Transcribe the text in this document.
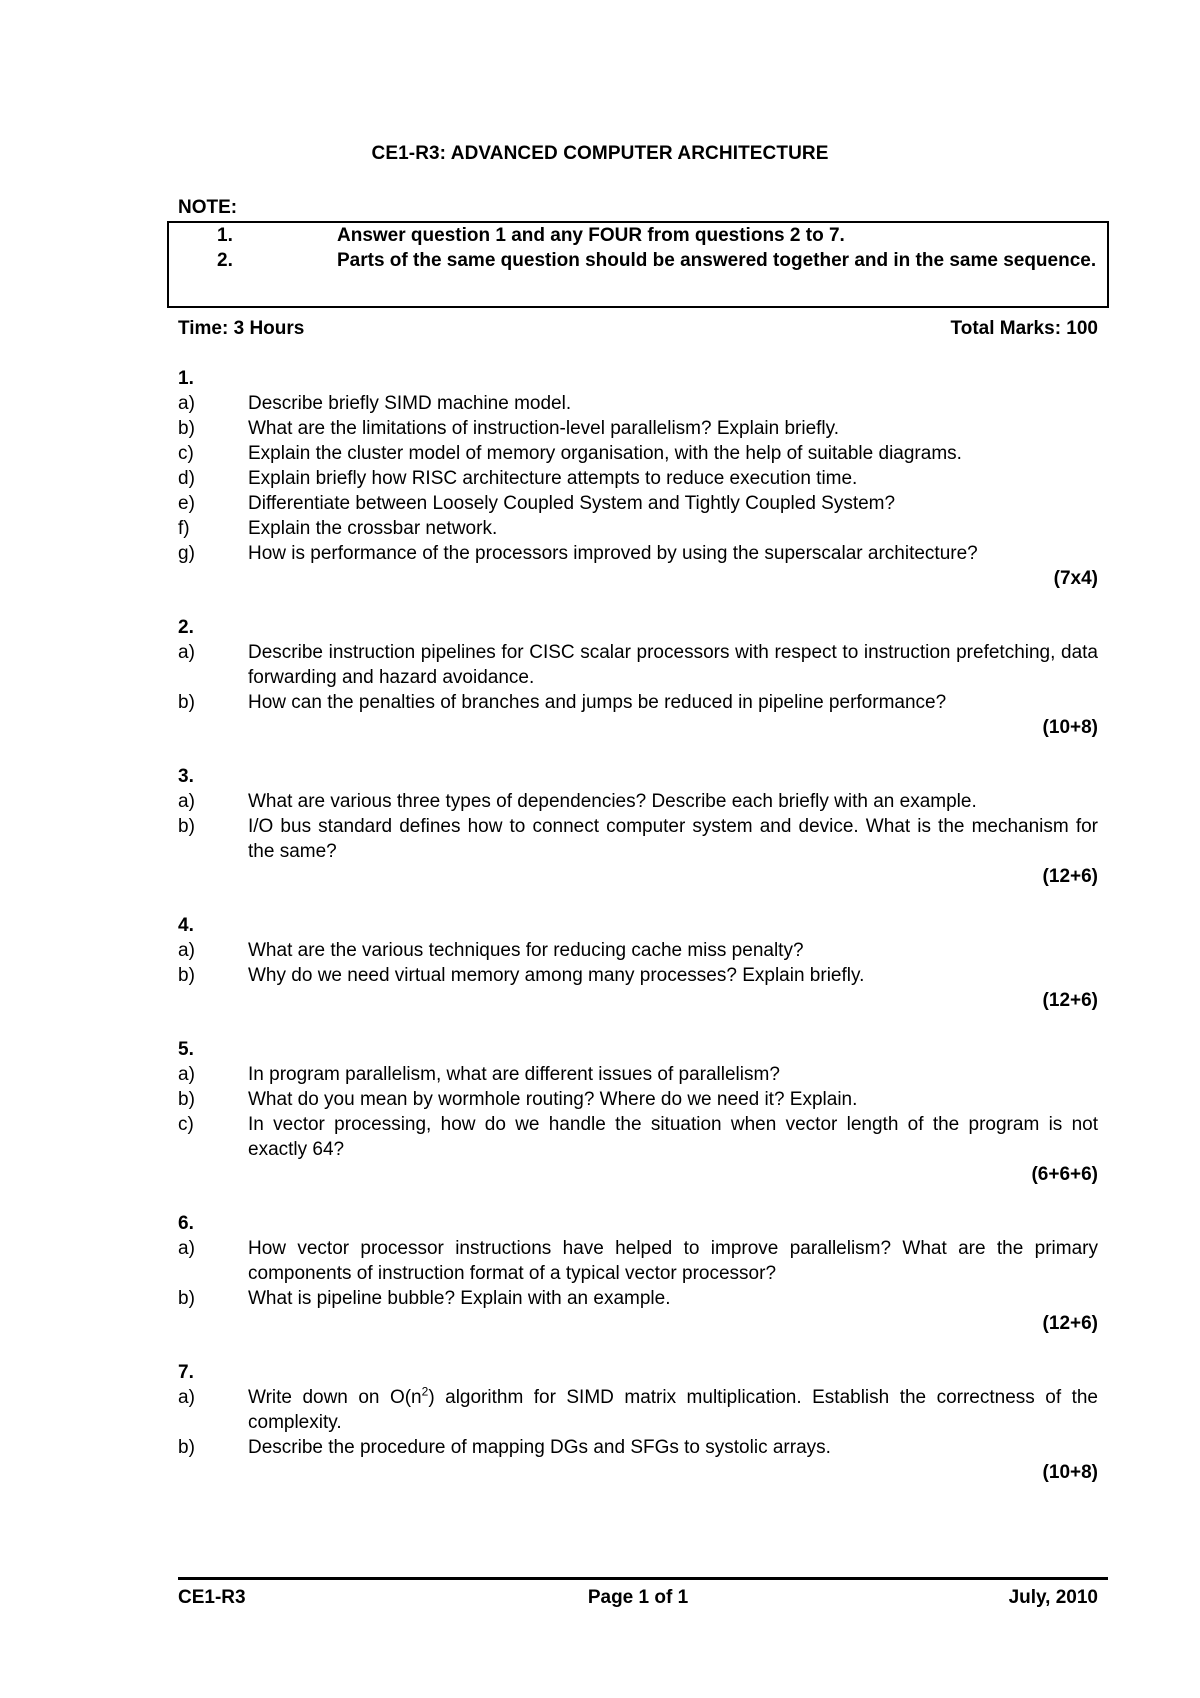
CE1-R3: ADVANCED COMPUTER ARCHITECTURE
NOTE:
1.	Answer question 1 and any FOUR from questions 2 to 7.
2.	Parts of the same question should be answered together and in the same sequence.
Time: 3 Hours	Total Marks: 100
1.
a)	Describe briefly SIMD machine model.
b)	What are the limitations of instruction-level parallelism? Explain briefly.
c)	Explain the cluster model of memory organisation, with the help of suitable diagrams.
d)	Explain briefly how RISC architecture attempts to reduce execution time.
e)	Differentiate between Loosely Coupled System and Tightly Coupled System?
f)	Explain the crossbar network.
g)	How is performance of the processors improved by using the superscalar architecture?
(7x4)
2.
a)	Describe instruction pipelines for CISC scalar processors with respect to instruction prefetching, data forwarding and hazard avoidance.
b)	How can the penalties of branches and jumps be reduced in pipeline performance?
(10+8)
3.
a)	What are various three types of dependencies? Describe each briefly with an example.
b)	I/O bus standard defines how to connect computer system and device. What is the mechanism for the same?
(12+6)
4.
a)	What are the various techniques for reducing cache miss penalty?
b)	Why do we need virtual memory among many processes? Explain briefly.
(12+6)
5.
a)	In program parallelism, what are different issues of parallelism?
b)	What do you mean by wormhole routing? Where do we need it? Explain.
c)	In vector processing, how do we handle the situation when vector length of the program is not exactly 64?
(6+6+6)
6.
a)	How vector processor instructions have helped to improve parallelism? What are the primary components of instruction format of a typical vector processor?
b)	What is pipeline bubble? Explain with an example.
(12+6)
7.
a)	Write down on $O(n^2)$ algorithm for SIMD matrix multiplication. Establish the correctness of the complexity.
b)	Describe the procedure of mapping DGs and SFGs to systolic arrays.
(10+8)
CE1-R3	Page 1 of 1	July, 2010
